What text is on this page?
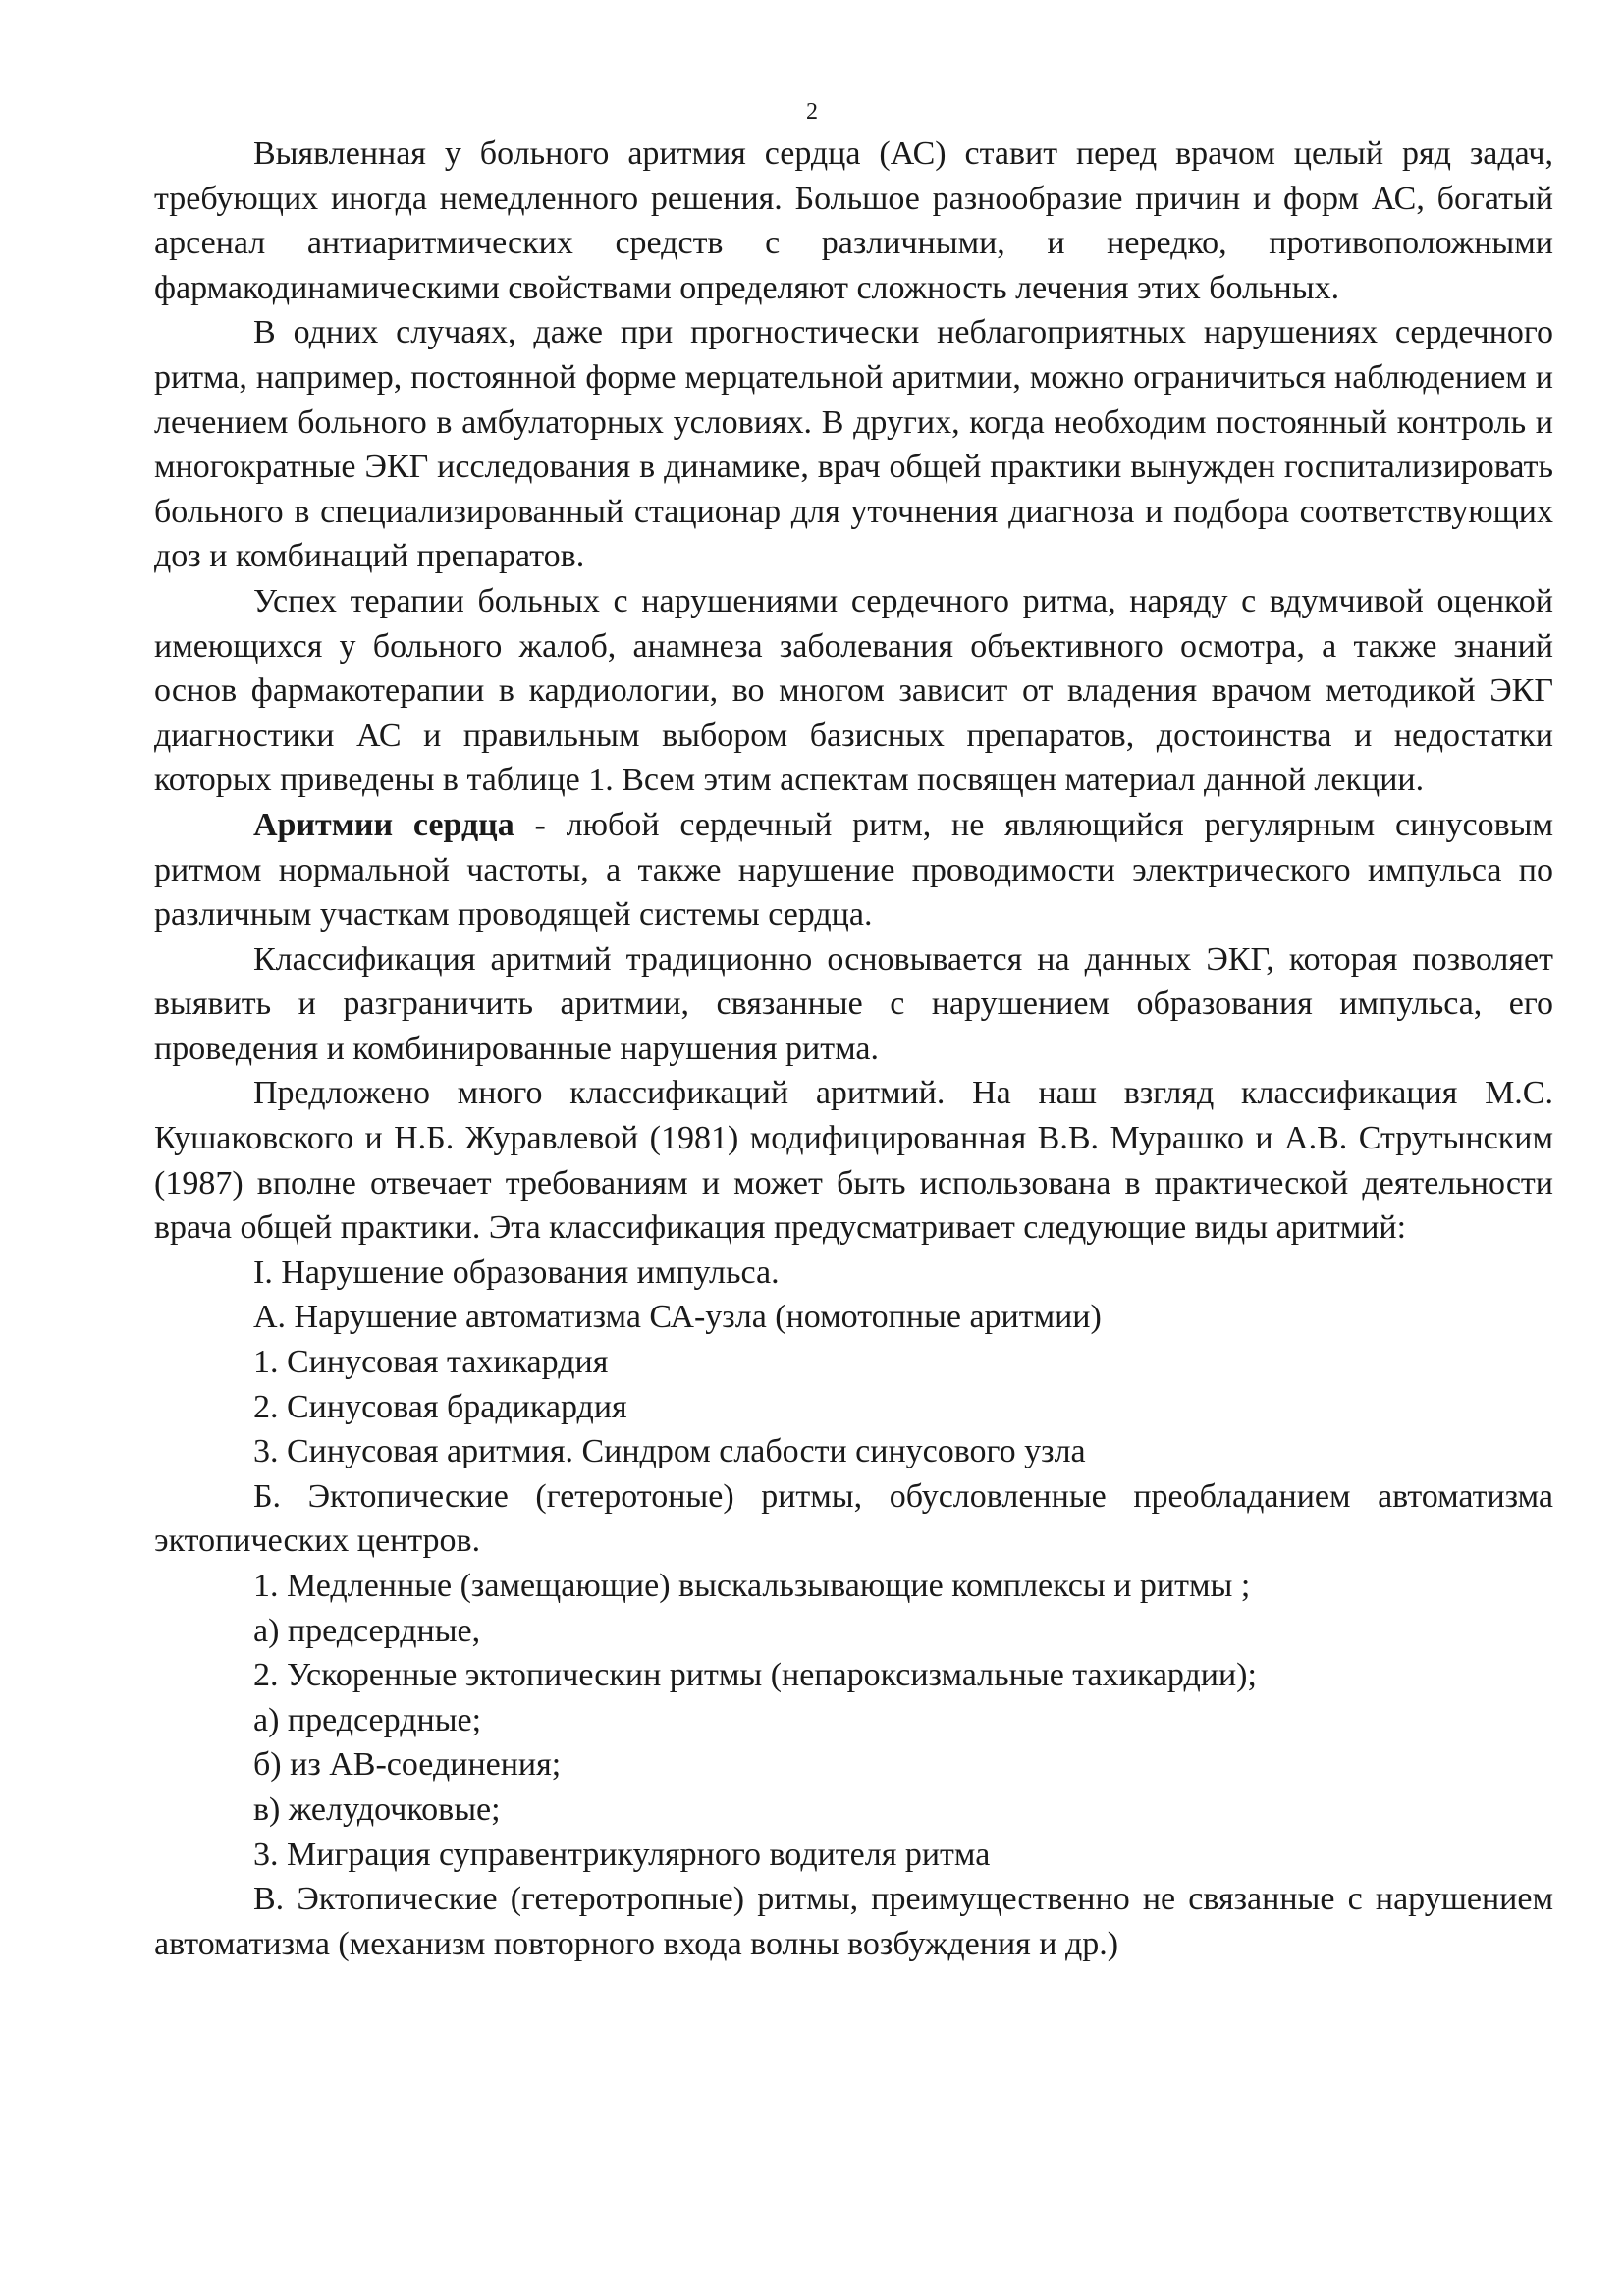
2

Выявленная у больного аритмия сердца (АС) ставит перед врачом целый ряд задач, требующих иногда немедленного решения. Большое разнообразие причин и форм АС, богатый арсенал антиаритмических средств с различными, и нередко, противоположными фармакодинамическими свойствами определяют сложность лечения этих больных.

В одних случаях, даже при прогностически неблагоприятных нарушениях сердечного ритма, например, постоянной форме мерцательной аритмии, можно ограничиться наблюдением и лечением больного в амбулаторных условиях. В других, когда необходим постоянный контроль и многократные ЭКГ исследования в динамике, врач общей практики вынужден госпитализировать больного в специализированный стационар для уточнения диагноза и подбора соответствующих доз и комбинаций препаратов.

Успех терапии больных с нарушениями сердечного ритма, наряду с вдумчивой оценкой имеющихся у больного жалоб, анамнеза заболевания объективного осмотра, а также знаний основ фармакотерапии в кардиологии, во многом зависит от владения врачом методикой ЭКГ диагностики АС и правильным выбором базисных препаратов, достоинства и недостатки которых приведены в таблице 1. Всем этим аспектам посвящен материал данной лекции.

Аритмии сердца - любой сердечный ритм, не являющийся регулярным синусовым ритмом нормальной частоты, а также нарушение проводимости электрического импульса по различным участкам проводящей системы сердца.

Классификация аритмий традиционно основывается на данных ЭКГ, которая позволяет выявить и разграничить аритмии, связанные с нарушением образования импульса, его проведения и комбинированные нарушения ритма.

Предложено много классификаций аритмий. На наш взгляд классификация М.С. Кушаковского и Н.Б. Журавлевой (1981) модифицированная В.В. Мурашко и А.В. Струтынским (1987) вполне отвечает требованиям и может быть использована в практической деятельности врача общей практики. Эта классификация предусматривает следующие виды аритмий:

I. Нарушение образования импульса.

А. Нарушение автоматизма СА-узла (номотопные аритмии)

1. Синусовая тахикардия

2. Синусовая брадикардия

3. Синусовая аритмия. Синдром слабости синусового узла

Б. Эктопические (гетеротоные) ритмы, обусловленные преобладанием автоматизма эктопических центров.

1. Медленные (замещающие) выскальзывающие комплексы и ритмы ;

а) предсердные,

2. Ускоренные эктопическин ритмы (непароксизмальные тахикардии);

а) предсердные;

б) из АВ-соединения;

в) желудочковые;

3. Миграция суправентрикулярного водителя ритма

В. Эктопические (гетеротропные) ритмы, преимущественно не связанные с нарушением автоматизма (механизм повторного входа волны возбуждения и др.)
